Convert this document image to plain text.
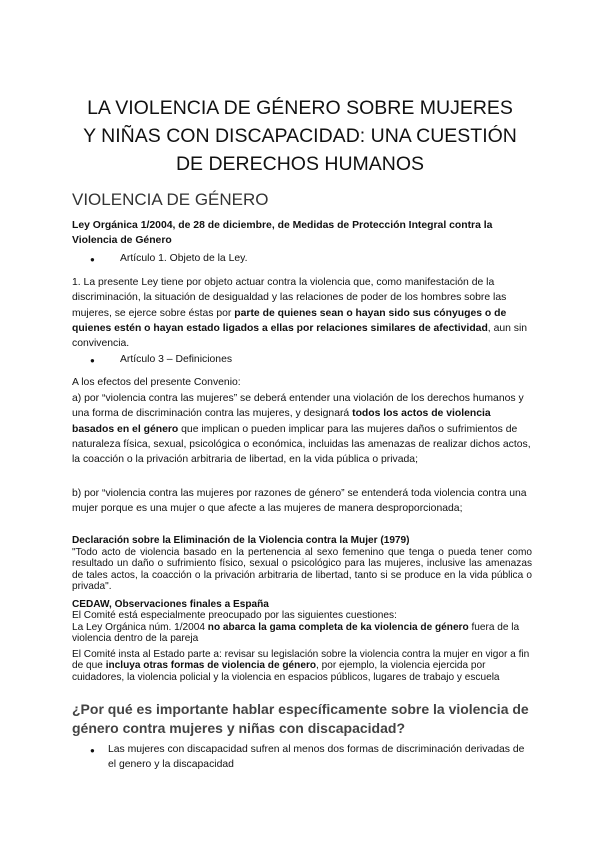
LA VIOLENCIA DE GÉNERO SOBRE MUJERES
Y NIÑAS CON DISCAPACIDAD: UNA CUESTIÓN
DE DERECHOS HUMANOS
VIOLENCIA DE GÉNERO

Ley Orgánica 1/2004, de 28 de diciembre, de Medidas de Protección Integral contra la Violencia de Género

●	Artículo 1. Objeto de la Ley.

1. La presente Ley tiene por objeto actuar contra la violencia que, como manifestación de la discriminación, la situación de desigualdad y las relaciones de poder de los hombres sobre las mujeres, se ejerce sobre éstas por parte de quienes sean o hayan sido sus cónyuges o de quienes estén o hayan estado ligados a ellas por relaciones similares de afectividad, aun sin convivencia.

●	Artículo 3 – Definiciones

A los efectos del presente Convenio:

a) por “violencia contra las mujeres” se deberá entender una violación de los derechos humanos y una forma de discriminación contra las mujeres, y designará todos los actos de violencia basados en el género que implican o pueden implicar para las mujeres daños o sufrimientos de naturaleza física, sexual, psicológica o económica, incluidas las amenazas de realizar dichos actos, la coacción o la privación arbitraria de libertad, en la vida pública o privada;

b) por “violencia contra las mujeres por razones de género” se entenderá toda violencia contra una mujer porque es una mujer o que afecte a las mujeres de manera desproporcionada;

Declaración sobre la Eliminación de la Violencia contra la Mujer (1979)

"Todo acto de violencia basado en la pertenencia al sexo femenino que tenga o pueda tener como resultado un daño o sufrimiento físico, sexual o psicológico para las mujeres, inclusive las amenazas de tales actos, la coacción o la privación arbitraria de libertad, tanto si se produce en la vida pública o privada".

CEDAW, Observaciones finales a España

El Comité está especialmente preocupado por las siguientes cuestiones:

La Ley Orgánica núm. 1/2004 no abarca la gama completa de ka violencia de género fuera de la violencia dentro de la pareja

El Comité insta al Estado parte a: revisar su legislación sobre la violencia contra la mujer en vigor a fin de que incluya otras formas de violencia de género, por ejemplo, la violencia ejercida por cuidadores, la violencia policial y la violencia en espacios públicos, lugares de trabajo y escuela

¿Por qué es importante hablar específicamente sobre la violencia de género contra mujeres y niñas con discapacidad?

●	Las mujeres con discapacidad sufren al menos dos formas de discriminación derivadas de el genero y la discapacidad
